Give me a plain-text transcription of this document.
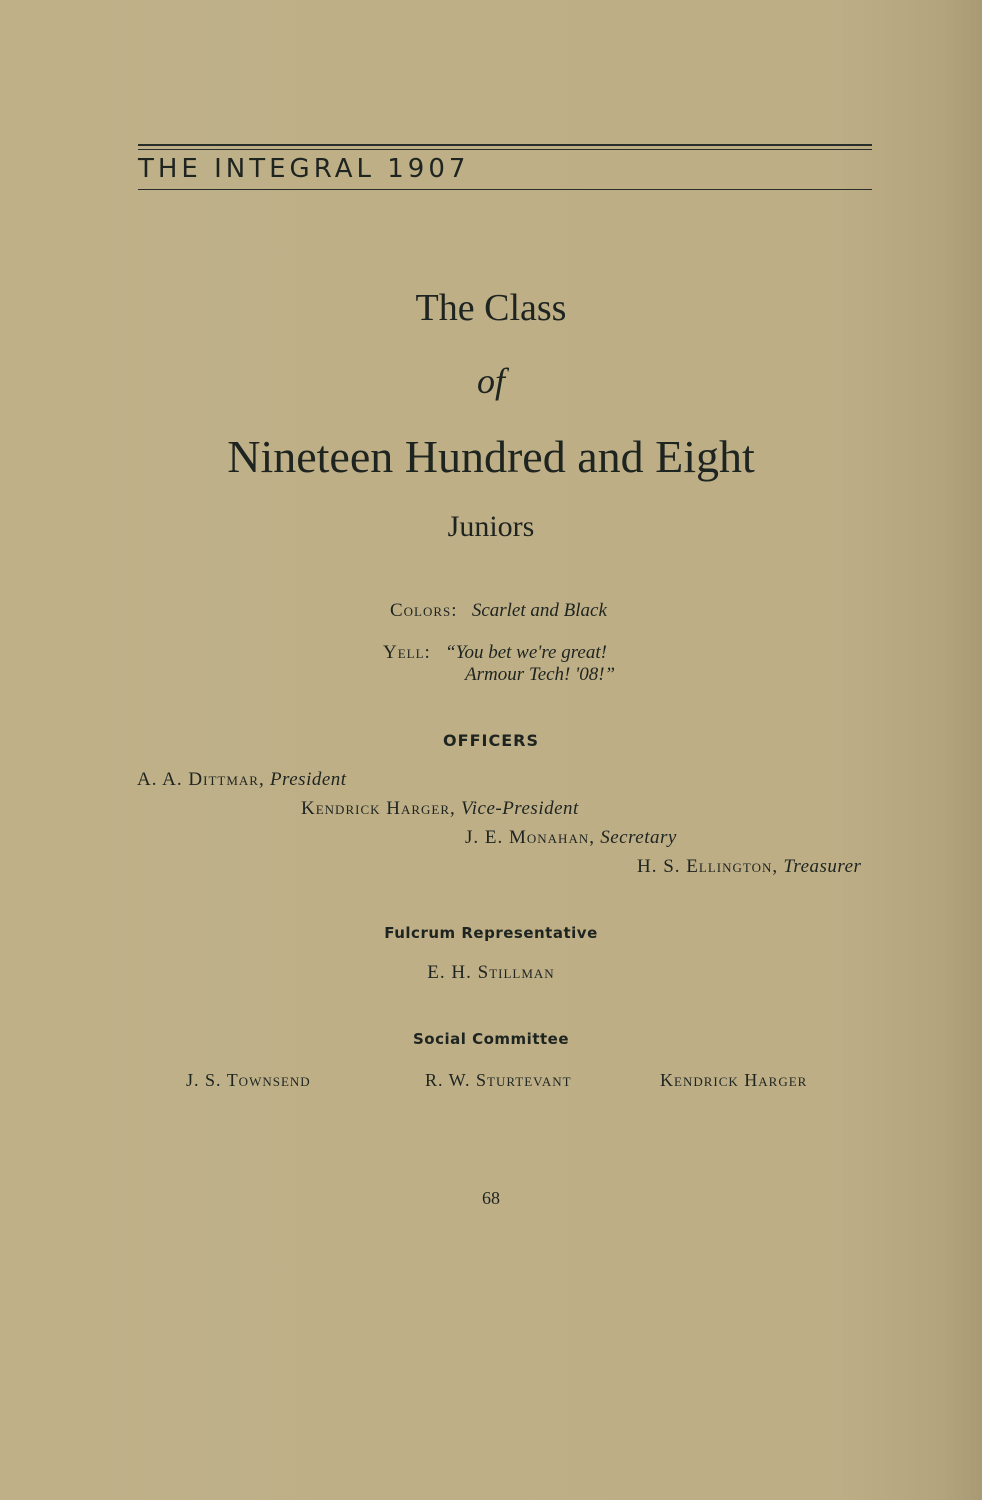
THE INTEGRAL 1907
The Class
of
Nineteen Hundred and Eight
Juniors
Colors: Scarlet and Black
Yell: “You bet we're great!
Armour Tech! '08!”
OFFICERS
A. A. Dittmar, President
Kendrick Harger, Vice-President
J. E. Monahan, Secretary
H. S. Ellington, Treasurer
Fulcrum Representative
E. H. Stillman
Social Committee
J. S. Townsend	R. W. Sturtevant	Kendrick Harger
68
